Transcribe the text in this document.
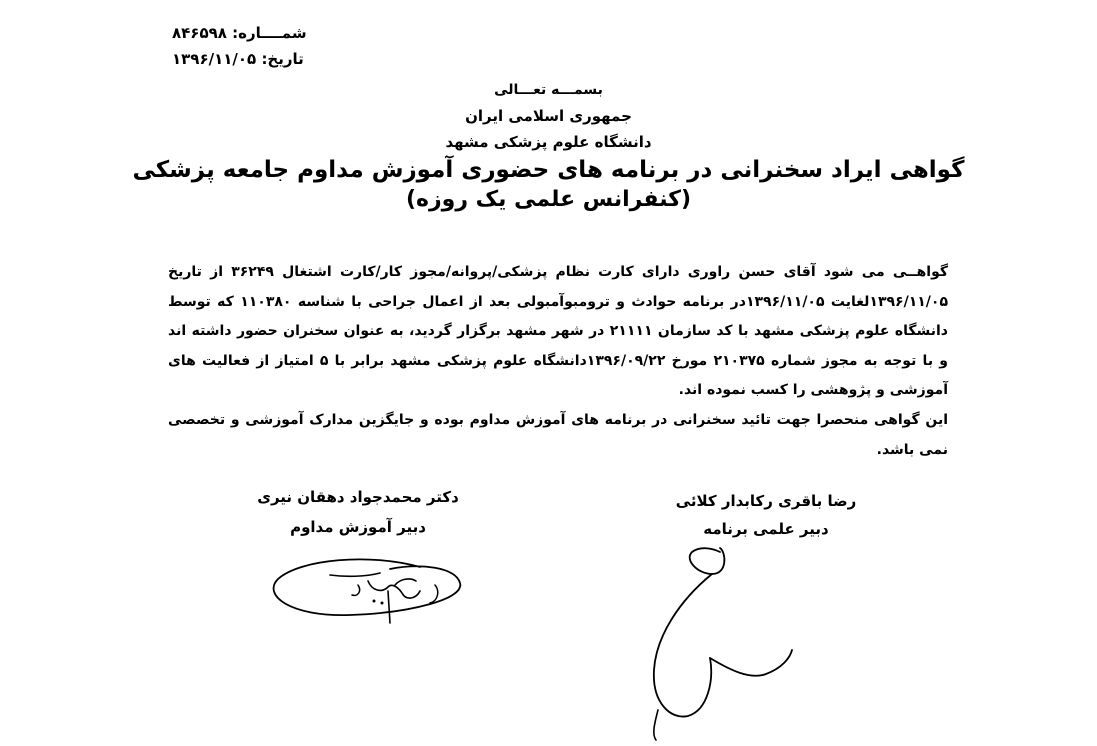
شمــــاره: ۸۴۶۵۹۸
تاریخ: ۱۳۹۶/۱۱/۰۵
بسمـــه تعـــالی
جمهوری اسلامی ایران
دانشگاه علوم پزشکی مشهد
گواهی ایراد سخنرانی در برنامه های حضوری آموزش مداوم جامعه پزشکی
(کنفرانس علمی یک روزه)

گواهــی می شود آقای حسن راوری دارای کارت نظام پزشکی/پروانه/مجوز کار/کارت اشتغال ۳۶۲۴۹ از تاریخ ۱۳۹۶/۱۱/۰۵لغایت ۱۳۹۶/۱۱/۰۵در برنامه حوادث و ترومبوآمبولی بعد از اعمال جراحی با شناسه ۱۱۰۳۸۰ که توسط دانشگاه علوم پزشکی مشهد با کد سازمان ۲۱۱۱۱ در شهر مشهد برگزار گردید، به عنوان سخنران حضور داشته اند و با توجه به مجوز شماره ۲۱۰۳۷۵ مورخ ۱۳۹۶/۰۹/۲۲دانشگاه علوم پزشکی مشهد برابر با ۵ امتیاز از فعالیت های آموزشی و پژوهشی را کسب نموده اند.

این گواهی منحصرا جهت تائید سخنرانی در برنامه های آموزش مداوم بوده و جایگزین مدارک آموزشی و تخصصی نمی باشد.

دکتر محمدجواد دهقان نیری
دبیر آموزش مداوم
رضا باقری رکابدار کلائی
دبیر علمی برنامه
